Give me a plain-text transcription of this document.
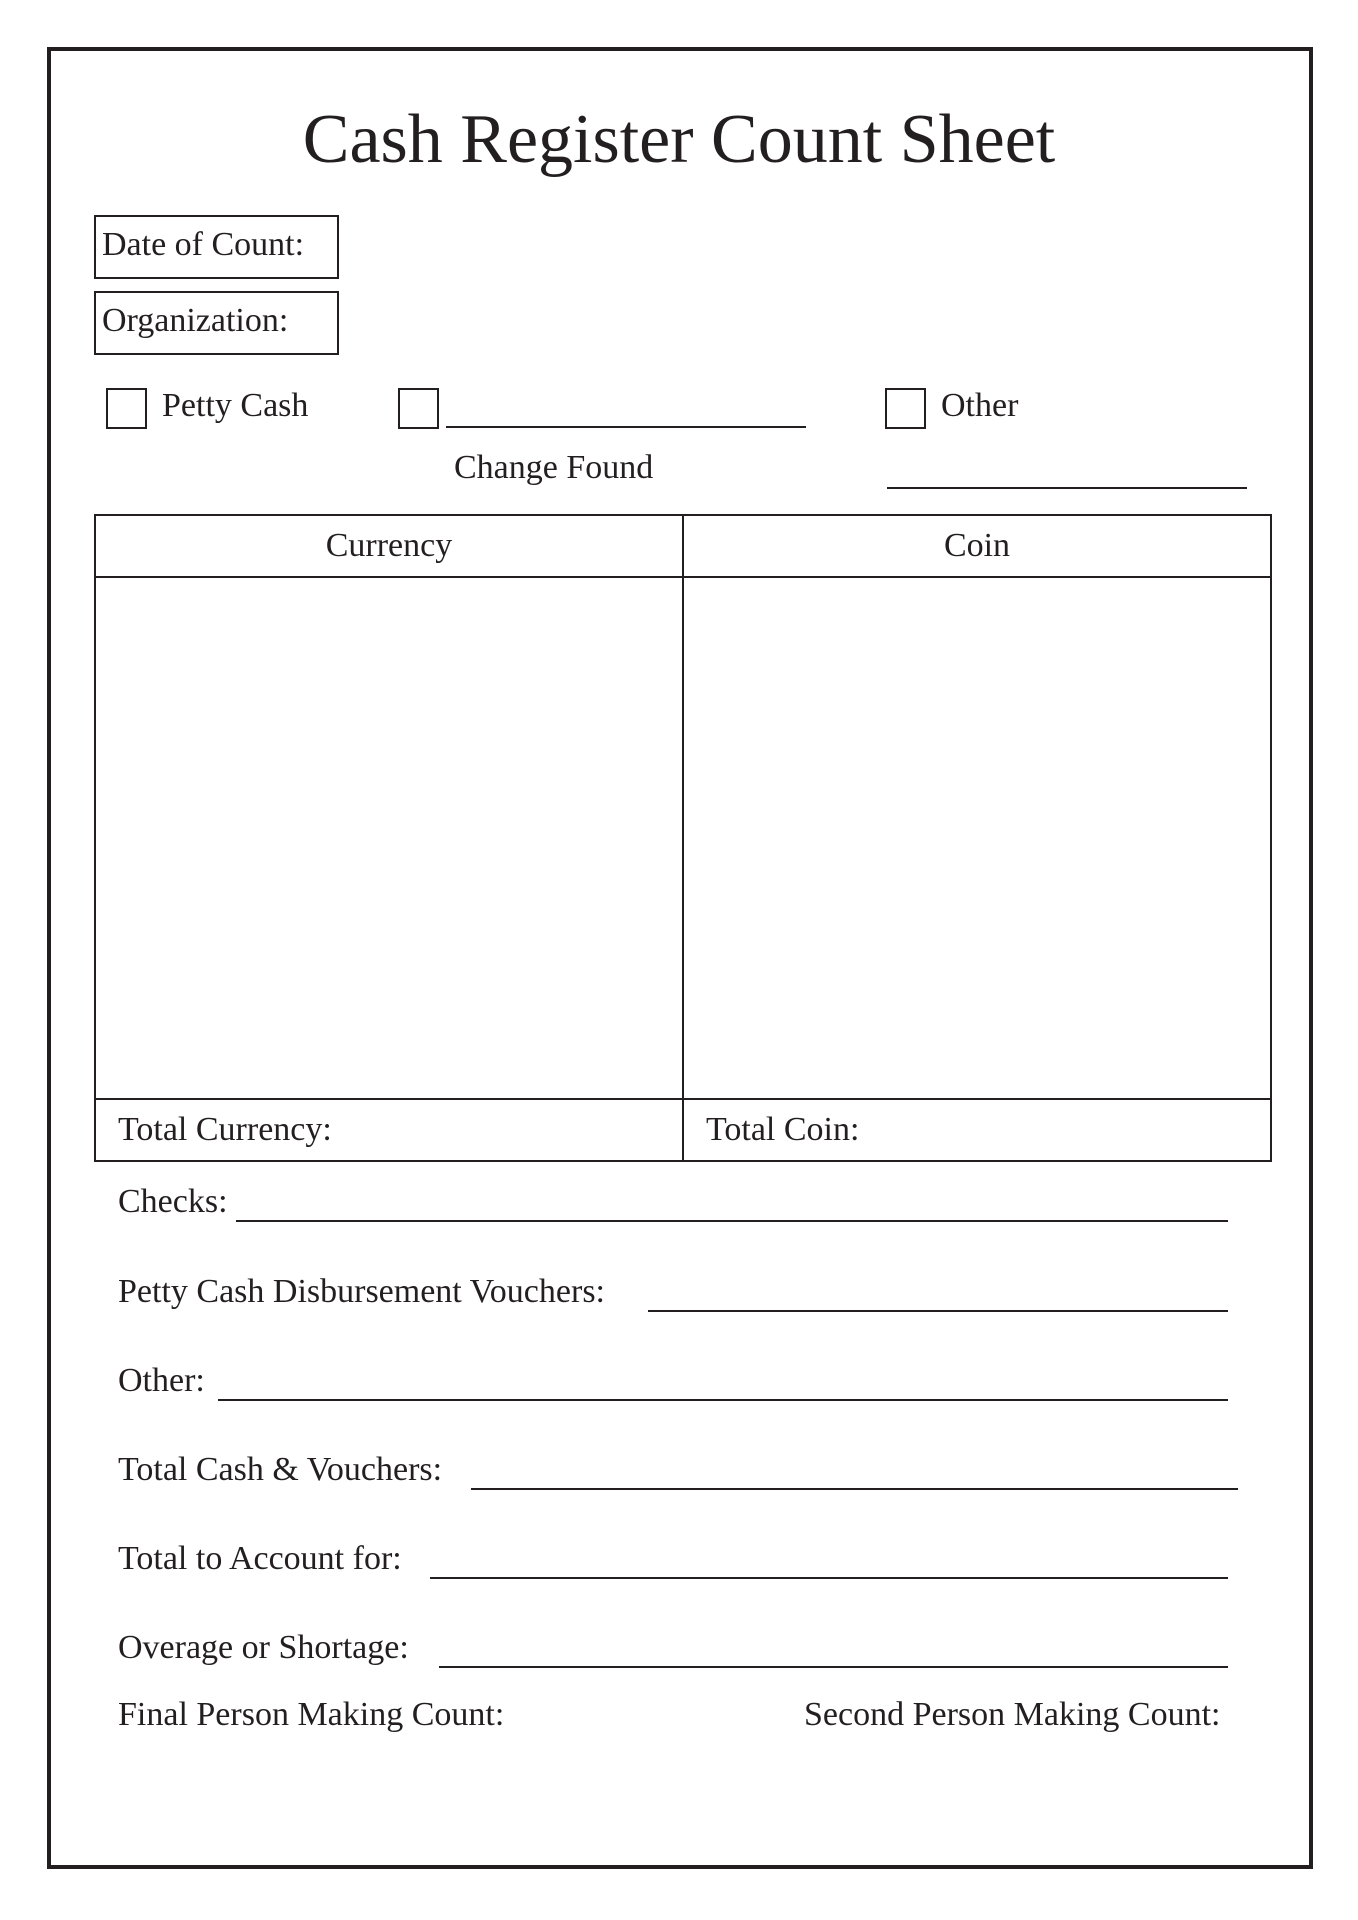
Cash Register Count Sheet
Date of Count:
Organization:
Petty Cash
Change Found
Other
Currency	Coin

Total Currency:	Total Coin:
Checks:
Petty Cash Disbursement Vouchers:
Other:
Total Cash & Vouchers:
Total to Account for:
Overage or Shortage:
Final Person Making Count:	Second Person Making Count:
